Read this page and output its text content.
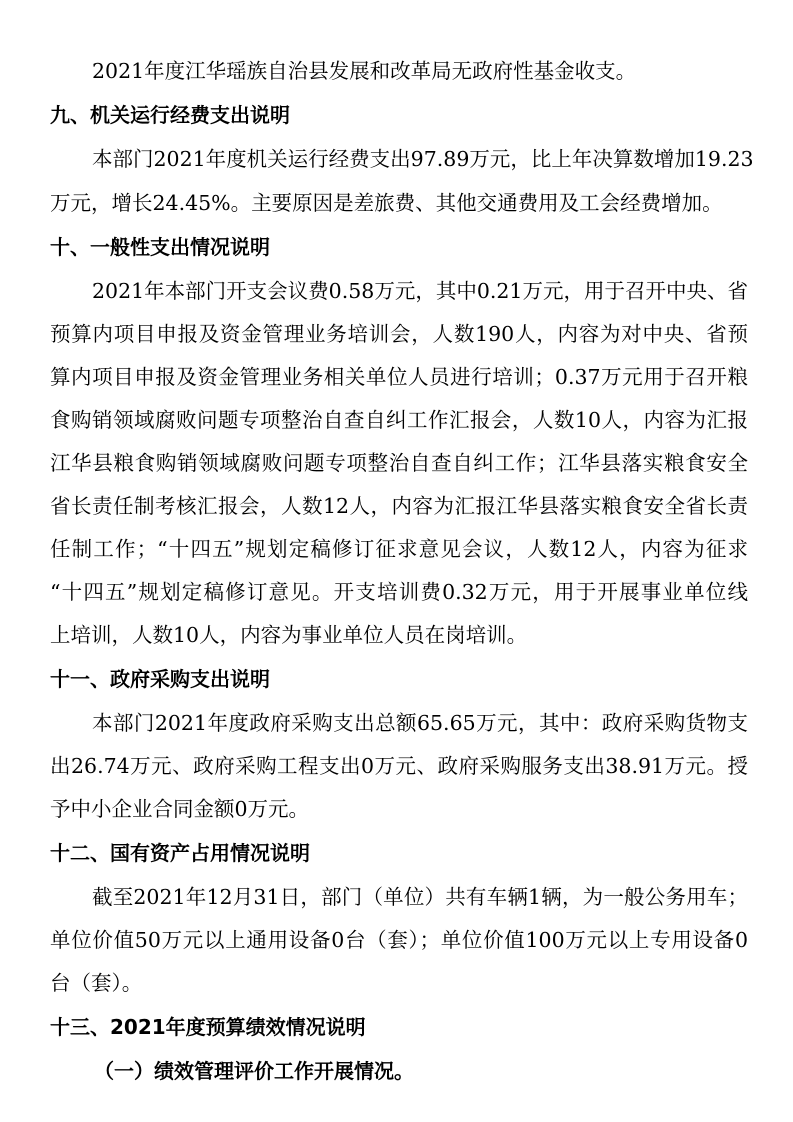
2021年度江华瑶族自治县发展和改革局无政府性基金收支。
九、机关运行经费支出说明
本部门2021年度机关运行经费支出97.89万元，比上年决算数增加19.23
万元，增长24.45%。主要原因是差旅费、其他交通费用及工会经费增加。
十、一般性支出情况说明
2021年本部门开支会议费0.58万元，其中0.21万元，用于召开中央、省
预算内项目申报及资金管理业务培训会，人数190人，内容为对中央、省预
算内项目申报及资金管理业务相关单位人员进行培训；0.37万元用于召开粮
食购销领域腐败问题专项整治自查自纠工作汇报会，人数10人，内容为汇报
江华县粮食购销领域腐败问题专项整治自查自纠工作；江华县落实粮食安全
省长责任制考核汇报会，人数12人，内容为汇报江华县落实粮食安全省长责
任制工作；“十四五”规划定稿修订征求意见会议，人数12人，内容为征求
“十四五”规划定稿修订意见。开支培训费0.32万元，用于开展事业单位线
上培训，人数10人，内容为事业单位人员在岗培训。
十一、政府采购支出说明
本部门2021年度政府采购支出总额65.65万元，其中：政府采购货物支
出26.74万元、政府采购工程支出0万元、政府采购服务支出38.91万元。授
予中小企业合同金额0万元。
十二、国有资产占用情况说明
截至2021年12月31日，部门（单位）共有车辆1辆，为一般公务用车；
单位价值50万元以上通用设备0台（套）；单位价值100万元以上专用设备0
台（套）。
十三、2021年度预算绩效情况说明
（一）绩效管理评价工作开展情况。
